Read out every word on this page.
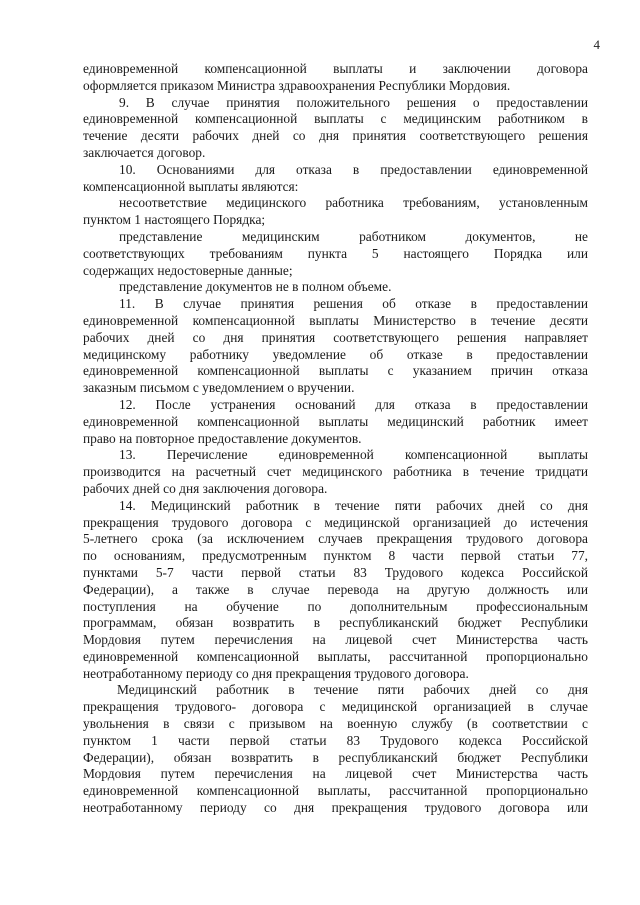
4
единовременной компенсационной выплаты и заключении договора
оформляется приказом Министра здравоохранения Республики Мордовия.
9. В случае принятия положительного решения о предоставлении
единовременной компенсационной выплаты с медицинским работником в
течение десяти рабочих дней со дня принятия соответствующего решения
заключается договор.
10. Основаниями для отказа в предоставлении единовременной
компенсационной выплаты являются:
несоответствие медицинского работника требованиям, установленным
пунктом 1 настоящего Порядка;
представление медицинским работником документов, не
соответствующих требованиям пункта 5 настоящего Порядка или
содержащих недостоверные данные;
представление документов не в полном объеме.
11. В случае принятия решения об отказе в предоставлении
единовременной компенсационной выплаты Министерство в течение десяти
рабочих дней со дня принятия соответствующего решения направляет
медицинскому работнику уведомление об отказе в предоставлении
единовременной компенсационной выплаты с указанием причин отказа
заказным письмом с уведомлением о вручении.
12. После устранения оснований для отказа в предоставлении
единовременной компенсационной выплаты медицинский работник имеет
право на повторное предоставление документов.
13. Перечисление единовременной компенсационной выплаты
производится на расчетный счет медицинского работника в течение тридцати
рабочих дней со дня заключения договора.
14. Медицинский работник в течение пяти рабочих дней со дня
прекращения трудового договора с медицинской организацией до истечения
5-летнего срока (за исключением случаев прекращения трудового договора
по основаниям, предусмотренным пунктом 8 части первой статьи 77,
пунктами 5-7 части первой статьи 83 Трудового кодекса Российской
Федерации), а также в случае перевода на другую должность или
поступления на обучение по дополнительным профессиональным
программам, обязан возвратить в республиканский бюджет Республики
Мордовия путем перечисления на лицевой счет Министерства часть
единовременной компенсационной выплаты, рассчитанной пропорционально
неотработанному периоду со дня прекращения трудового договора.
Медицинский работник в течение пяти рабочих дней со дня
прекращения трудового- договора с медицинской организацией в случае
увольнения в связи с призывом на военную службу (в соответствии с
пунктом 1 части первой статьи 83 Трудового кодекса Российской
Федерации), обязан возвратить в республиканский бюджет Республики
Мордовия путем перечисления на лицевой счет Министерства часть
единовременной компенсационной выплаты, рассчитанной пропорционально
неотработанному периоду со дня прекращения трудового договора или
